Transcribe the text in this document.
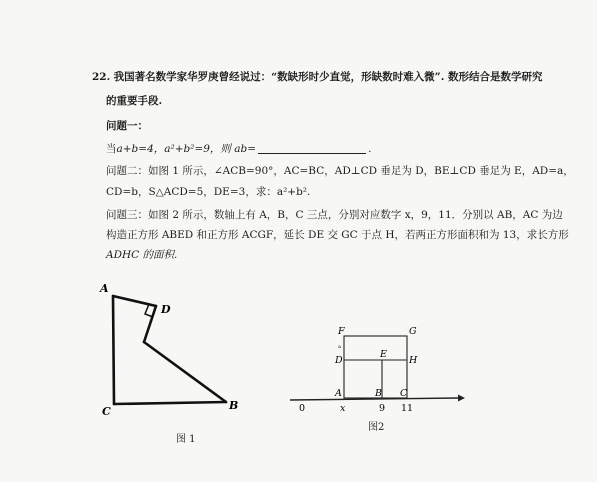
22. 我国著名数学家华罗庚曾经说过：“数缺形时少直觉，形缺数时难入微”. 数形结合是数学研究
的重要手段.
问题一：
当a+b=4，a²+b²=9，则 ab=	.
问题二：如图 1 所示，∠ACB=90°，AC=BC，AD⊥CD 垂足为 D，BE⊥CD 垂足为 E，AD=a，
CD=b，S△ACD=5，DE=3，求：a²+b².
问题三：如图 2 所示，数轴上有 A，B，C 三点，分别对应数字 x，9，11．分别以 AB，AC 为边
构造正方形 ABED 和正方形 ACGF，延长 DE 交 GC 于点 H，若两正方形面积和为 13，求长方形
ADHC 的面积.
A
D
C	B
F	G
a
D
E
H
A	B C
0	x	9 11
图 1
图2
